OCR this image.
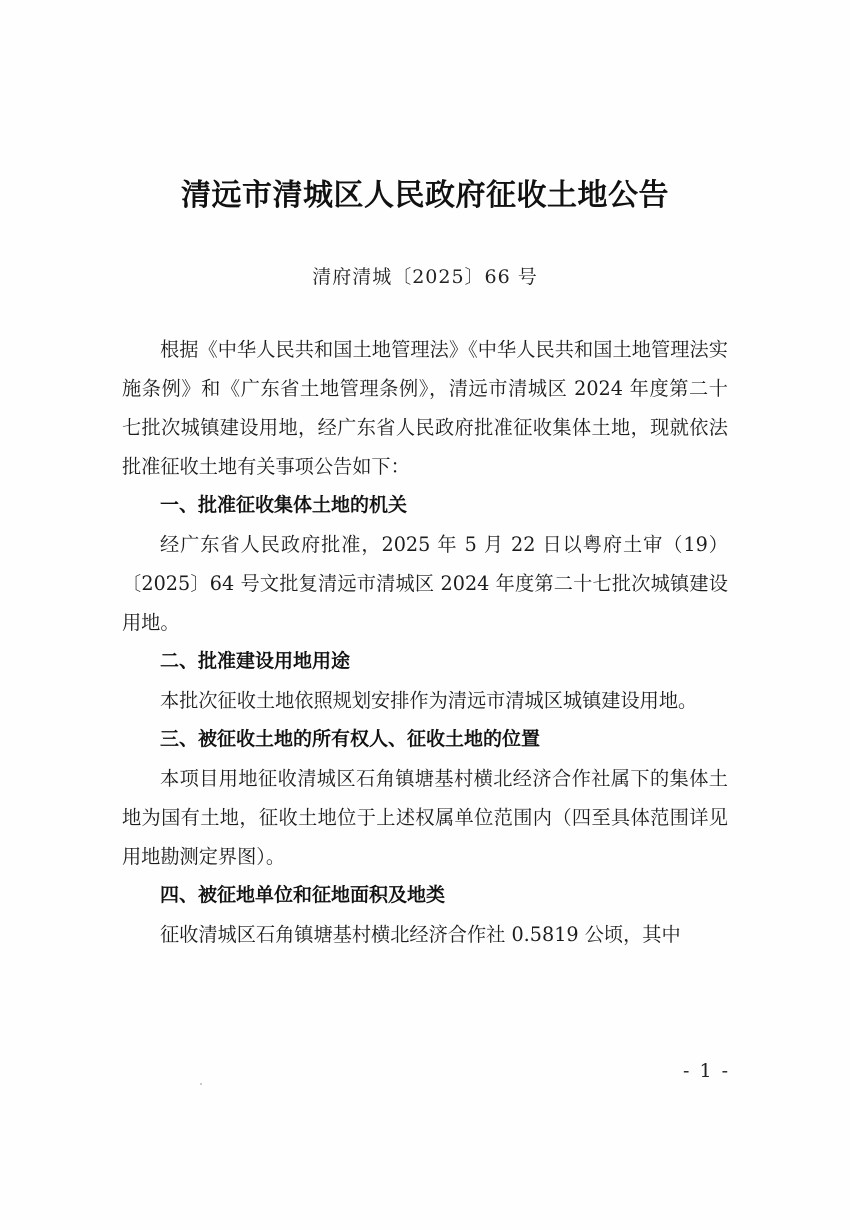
清远市清城区人民政府征收土地公告
清府清城〔2025〕66 号

根据《中华人民共和国土地管理法》《中华人民共和国土地管理法实施条例》和《广东省土地管理条例》，清远市清城区 2024 年度第二十七批次城镇建设用地，经广东省人民政府批准征收集体土地，现就依法批准征收土地有关事项公告如下：

一、批准征收集体土地的机关

经广东省人民政府批准，2025 年 5 月 22 日以粤府土审（19）〔2025〕64 号文批复清远市清城区 2024 年度第二十七批次城镇建设用地。

二、批准建设用地用途

本批次征收土地依照规划安排作为清远市清城区城镇建设用地。

三、被征收土地的所有权人、征收土地的位置

本项目用地征收清城区石角镇塘基村横北经济合作社属下的集体土地为国有土地，征收土地位于上述权属单位范围内（四至具体范围详见用地勘测定界图）。

四、被征地单位和征地面积及地类

征收清城区石角镇塘基村横北经济合作社 0.5819 公顷，其中

- 1 -
